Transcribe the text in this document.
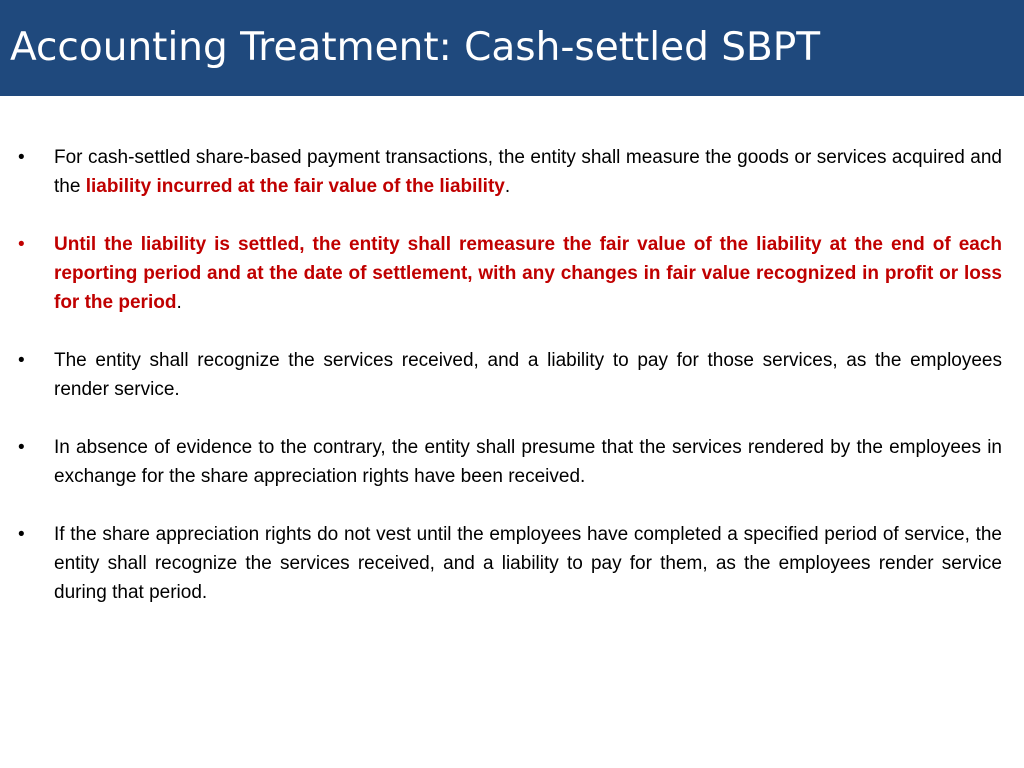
Accounting Treatment: Cash-settled SBPT
•	For cash-settled share-based payment transactions, the entity shall measure the goods or services acquired and the liability incurred at the fair value of the liability.
•	Until the liability is settled, the entity shall remeasure the fair value of the liability at the end of each reporting period and at the date of settlement, with any changes in fair value recognized in profit or loss for the period.
•	The entity shall recognize the services received, and a liability to pay for those services, as the employees render service.
•	In absence of evidence to the contrary, the entity shall presume that the services rendered by the employees in exchange for the share appreciation rights have been received.
•	If the share appreciation rights do not vest until the employees have completed a specified period of service, the entity shall recognize the services received, and a liability to pay for them, as the employees render service during that period.
